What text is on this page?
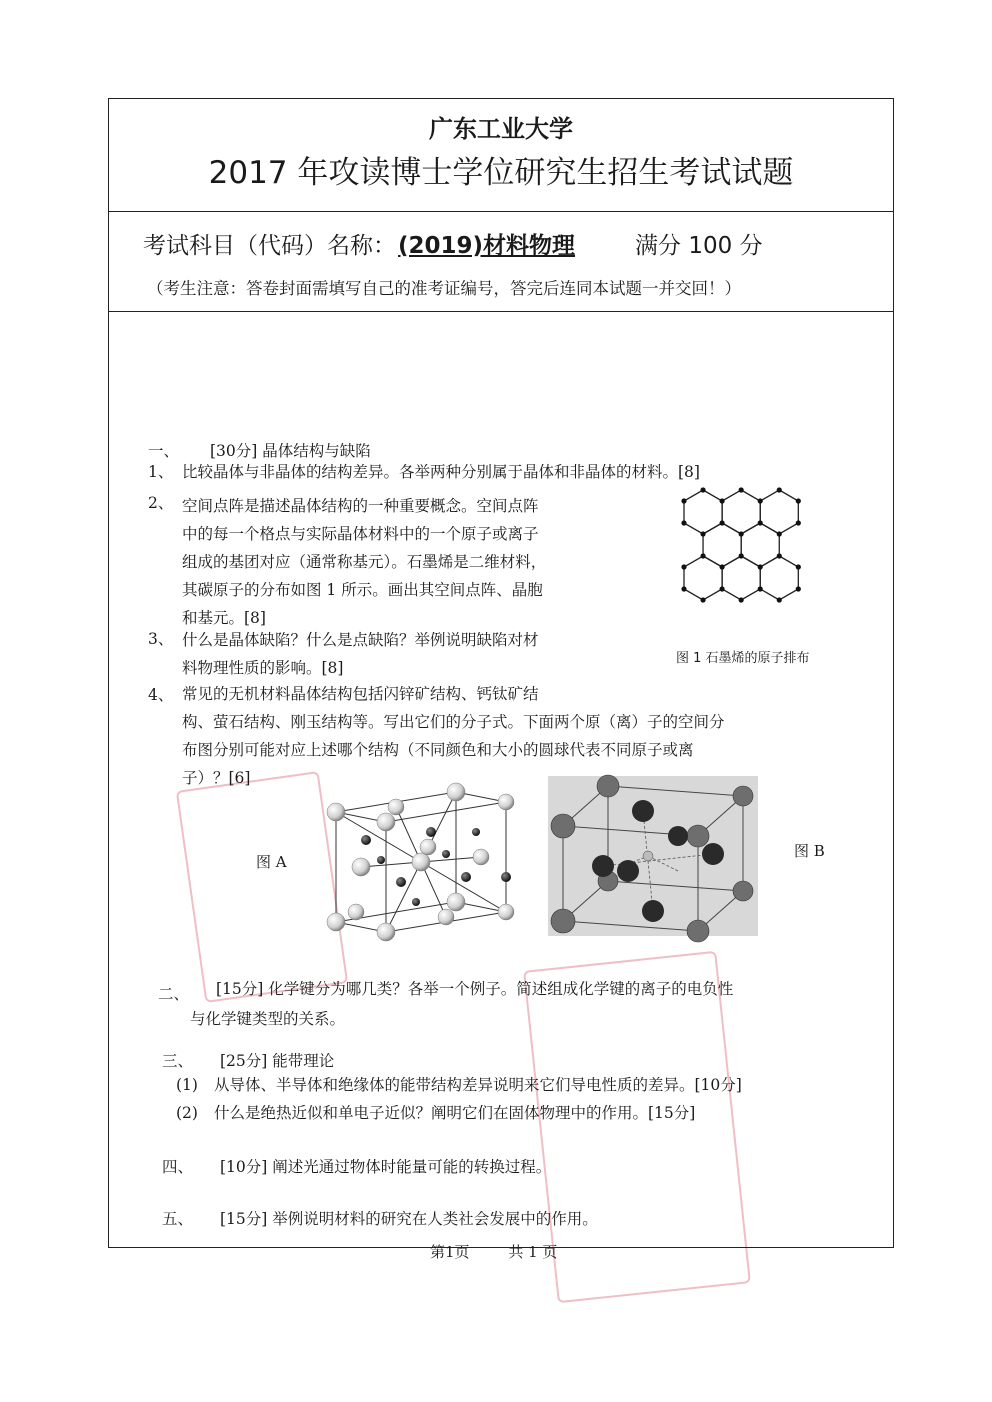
广东工业大学
2017 年攻读博士学位研究生招生考试试题
考试科目（代码）名称：(2019)材料物理	满分 100 分
（考生注意：答卷封面需填写自己的准考证编号，答完后连同本试题一并交回！）
一、 [30分] 晶体结构与缺陷
1、 比较晶体与非晶体的结构差异。各举两种分别属于晶体和非晶体的材料。[8]
2、 空间点阵是描述晶体结构的一种重要概念。空间点阵
中的每一个格点与实际晶体材料中的一个原子或离子
组成的基团对应（通常称基元）。石墨烯是二维材料，
其碳原子的分布如图 1 所示。画出其空间点阵、晶胞
和基元。[8]
图 1 石墨烯的原子排布
3、 什么是晶体缺陷？什么是点缺陷？举例说明缺陷对材
料物理性质的影响。[8]
4、 常见的无机材料晶体结构包括闪锌矿结构、钙钛矿结
构、萤石结构、刚玉结构等。写出它们的分子式。下面两个原（离）子的空间分
布图分别可能对应上述哪个结构（不同颜色和大小的圆球代表不同原子或离
子）？[6]
图 A
图 B
二、 [15分] 化学键分为哪几类？各举一个例子。简述组成化学键的离子的电负性
与化学键类型的关系。
三、 [25分] 能带理论
(1) 从导体、半导体和绝缘体的能带结构差异说明来它们导电性质的差异。[10分]
(2) 什么是绝热近似和单电子近似？阐明它们在固体物理中的作用。[15分]
四、 [10分] 阐述光通过物体时能量可能的转换过程。
五、 [15分] 举例说明材料的研究在人类社会发展中的作用。
第1页	共 1 页
